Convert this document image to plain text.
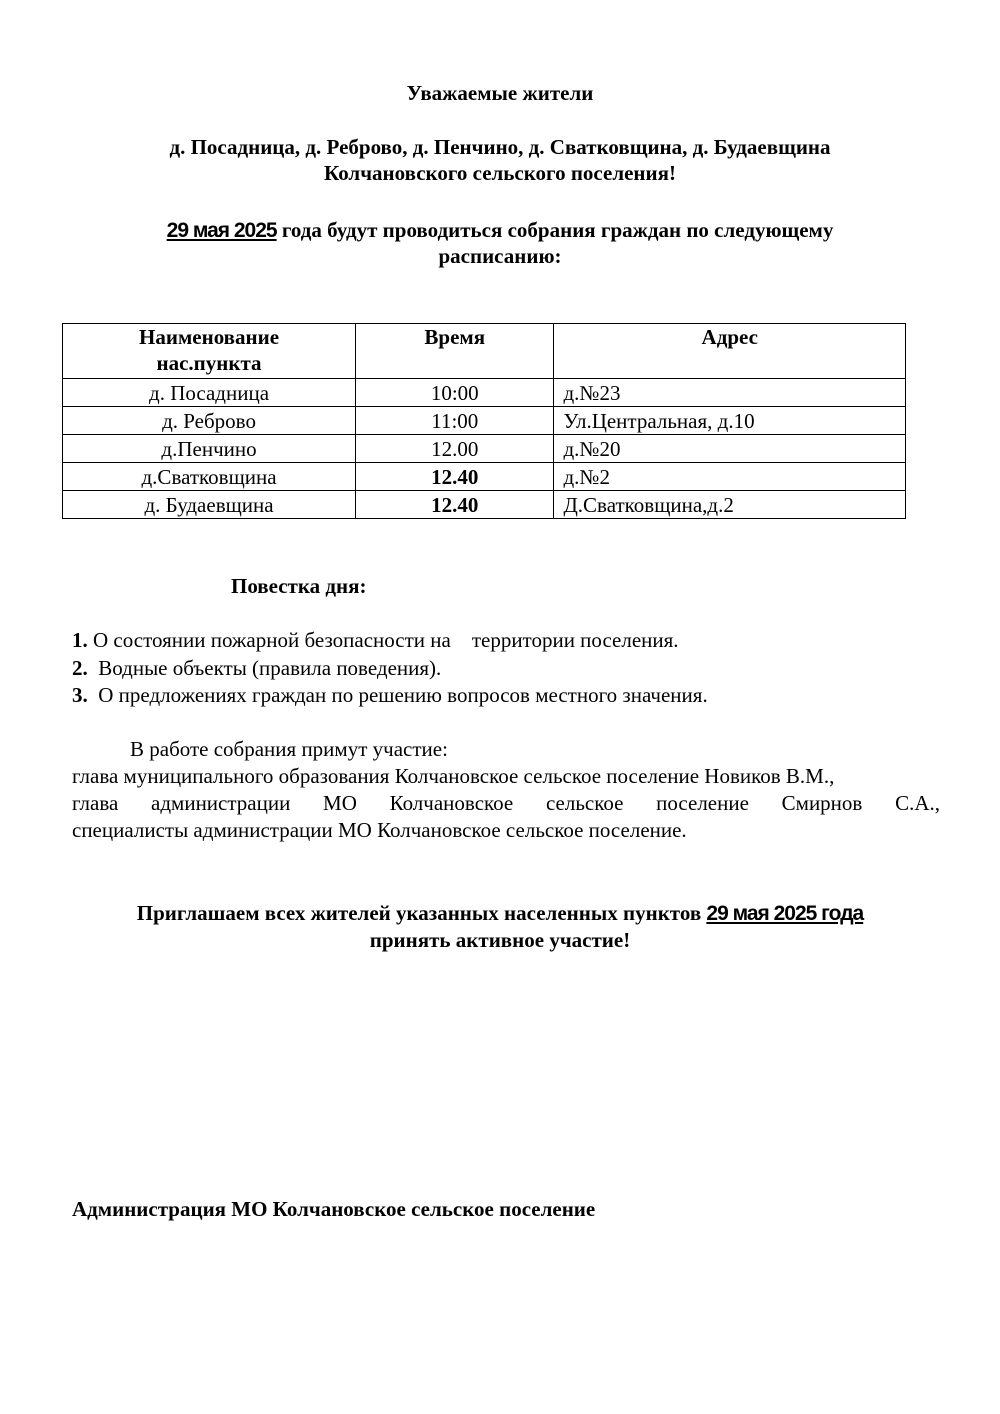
Уважаемые жители
д. Посадница, д. Реброво, д. Пенчино, д. Сватковщина, д. Будаевщина
Колчановского сельского поселения!
29 мая 2025 года будут проводиться собрания граждан по следующему
расписанию:
Наименование нас.пункта	Время	Адрес
д. Посадница	10:00	д.№23
д. Реброво	11:00	Ул.Центральная, д.10
д.Пенчино	12.00	д.№20
д.Сватковщина	12.40	д.№2
д. Будаевщина	12.40	Д.Сватковщина,д.2
Повестка дня:
1. О состоянии пожарной безопасности на    территории поселения.
2.  Водные объекты (правила поведения).
3.  О предложениях граждан по решению вопросов местного значения.
В работе собрания примут участие:
глава муниципального образования Колчановское сельское поселение Новиков В.М.,
глава администрации МО Колчановское сельское поселение Смирнов С.А.,
специалисты администрации МО Колчановское сельское поселение.
Приглашаем всех жителей указанных населенных пунктов 29 мая 2025 года
принять активное участие!
Администрация МО Колчановское сельское поселение
